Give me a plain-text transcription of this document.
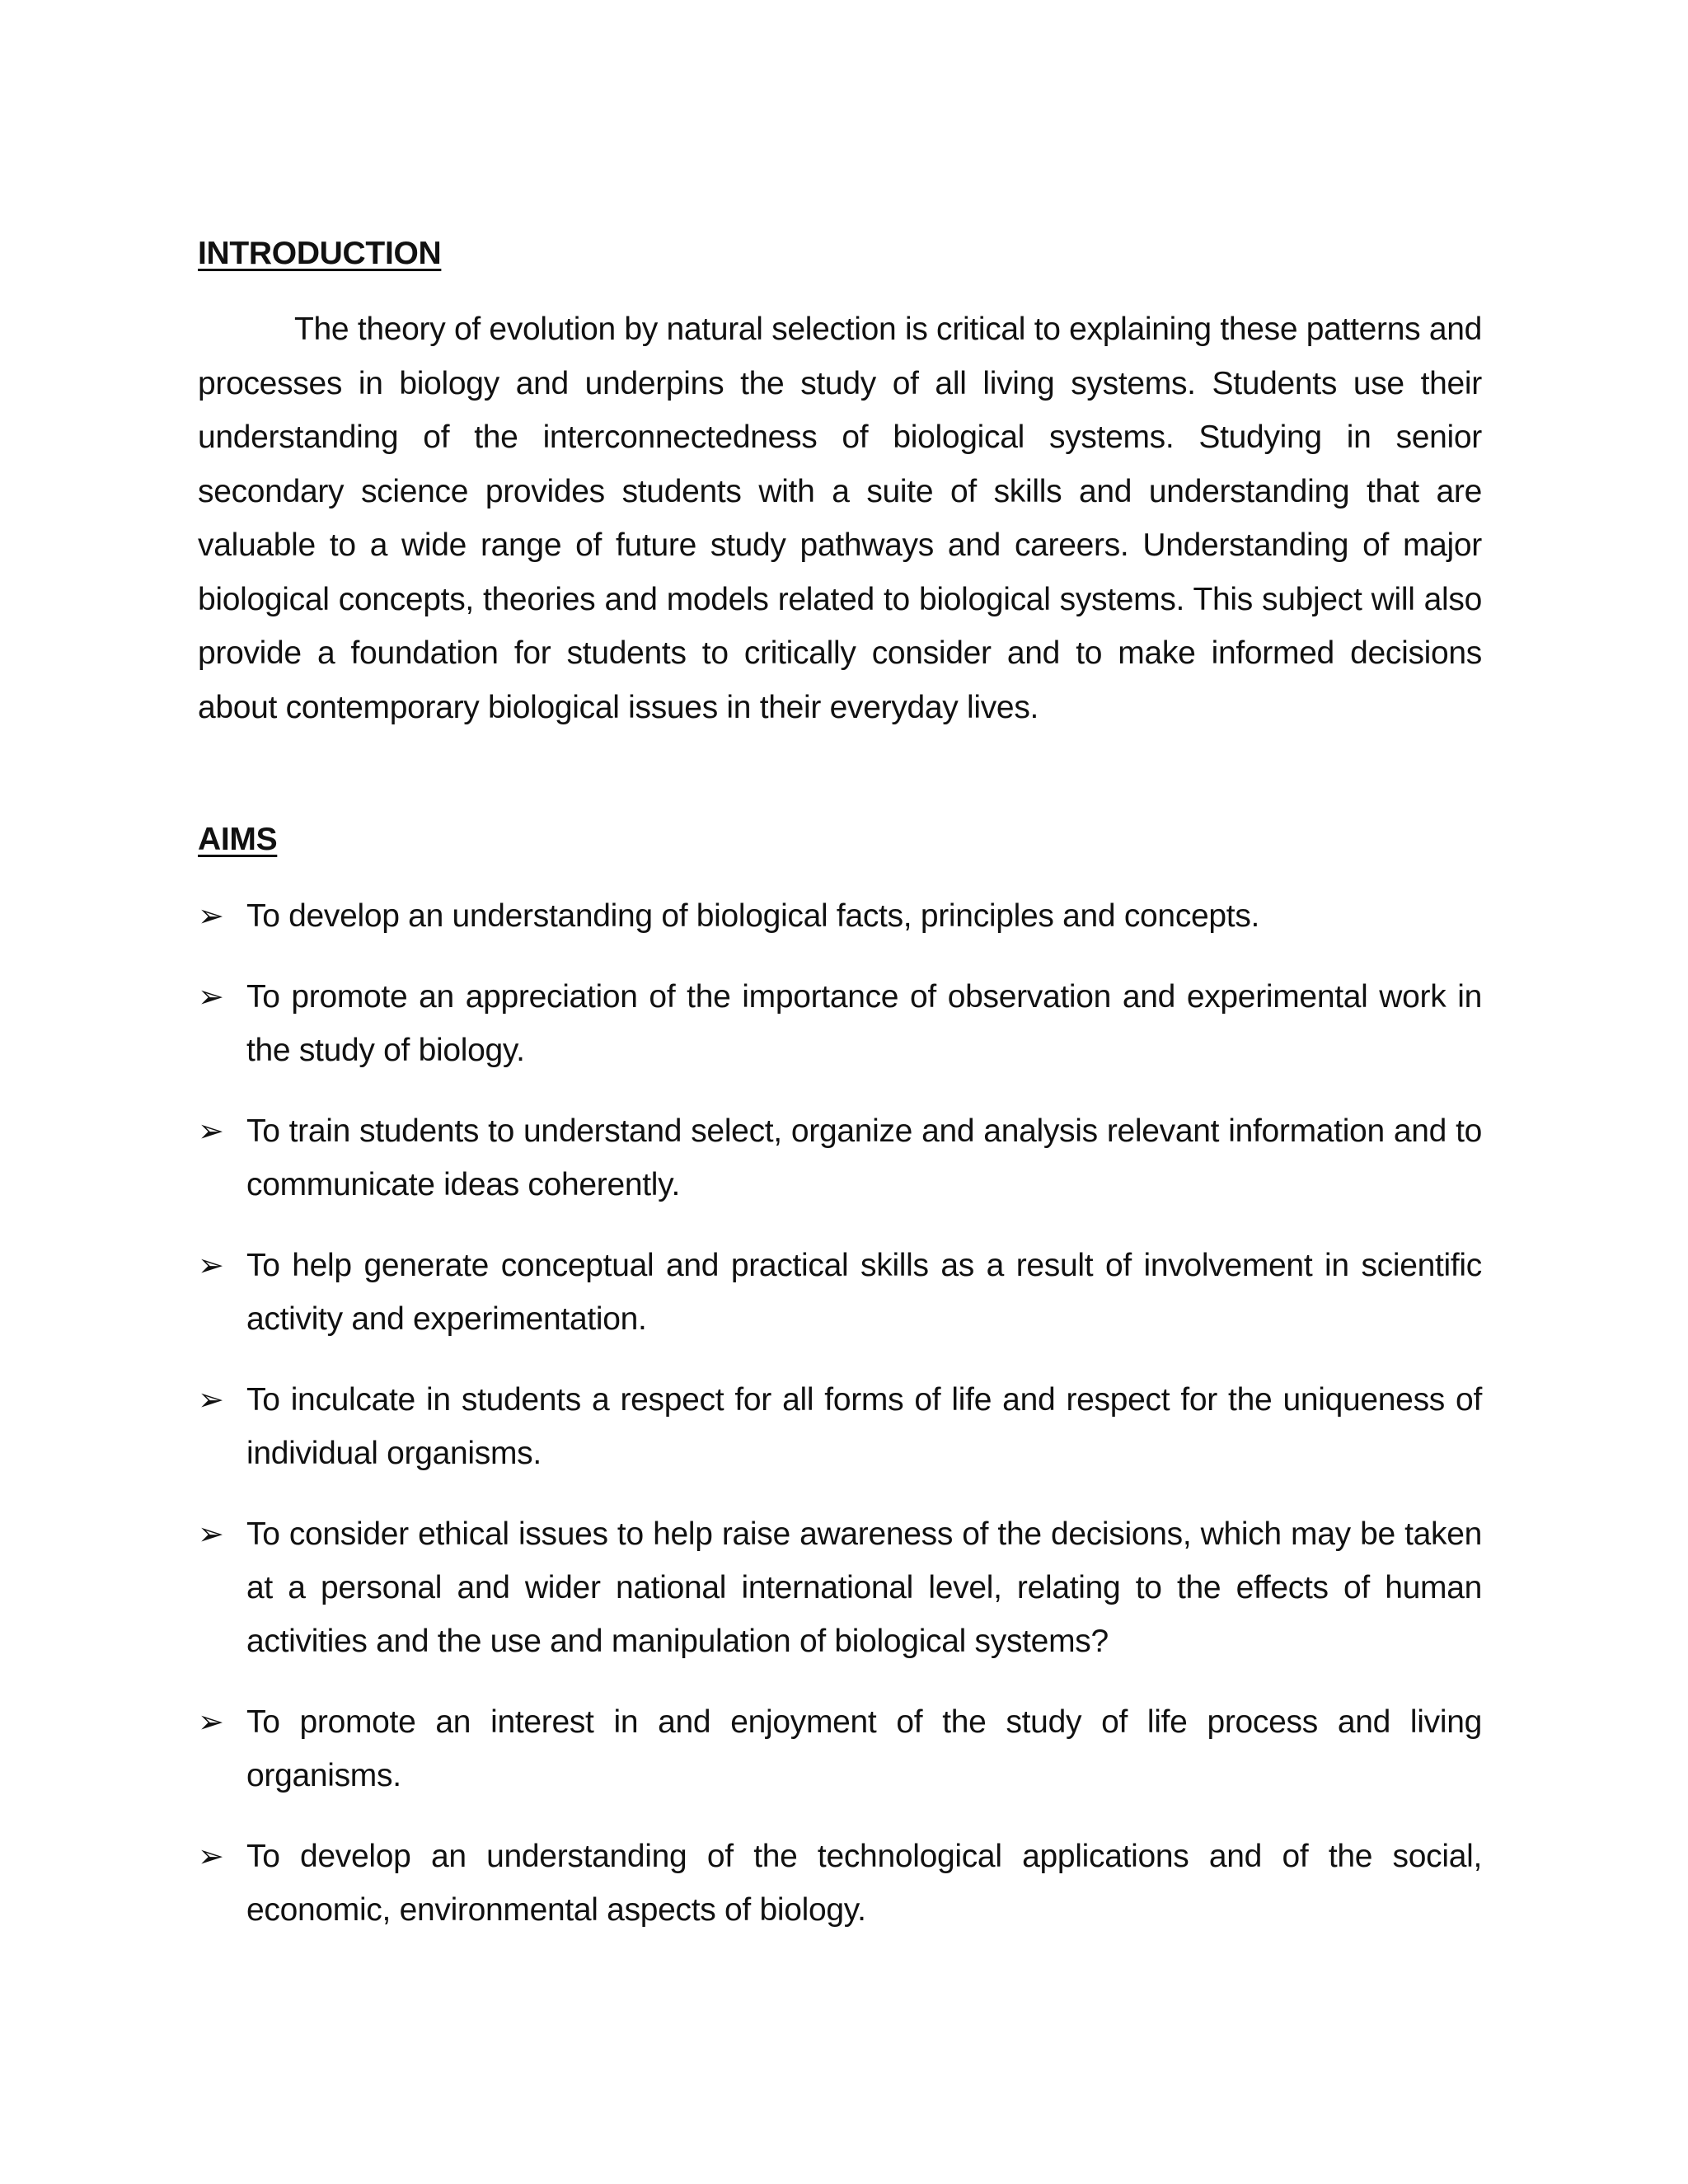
INTRODUCTION

The theory of evolution by natural selection is critical to explaining these patterns and processes in biology and underpins the study of all living systems. Students use their understanding of the interconnectedness of biological systems. Studying in senior secondary science provides students with a suite of skills and understanding that are valuable to a wide range of future study pathways and careers. Understanding of major biological concepts, theories and models related to biological systems. This subject will also provide a foundation for students to critically consider and to make informed decisions about contemporary biological issues in their everyday lives.

AIMS
➢ To develop an understanding of biological facts, principles and concepts.
➢ To promote an appreciation of the importance of observation and experimental work in the study of biology.
➢ To train students to understand select, organize and analysis relevant information and to communicate ideas coherently.
➢ To help generate conceptual and practical skills as a result of involvement in scientific activity and experimentation.
➢ To inculcate in students a respect for all forms of life and respect for the uniqueness of individual organisms.
➢ To consider ethical issues to help raise awareness of the decisions, which may be taken at a personal and wider national international level, relating to the effects of human activities and the use and manipulation of biological systems?
➢ To promote an interest in and enjoyment of the study of life process and living organisms.
➢ To develop an understanding of the technological applications and of the social, economic, environmental aspects of biology.
